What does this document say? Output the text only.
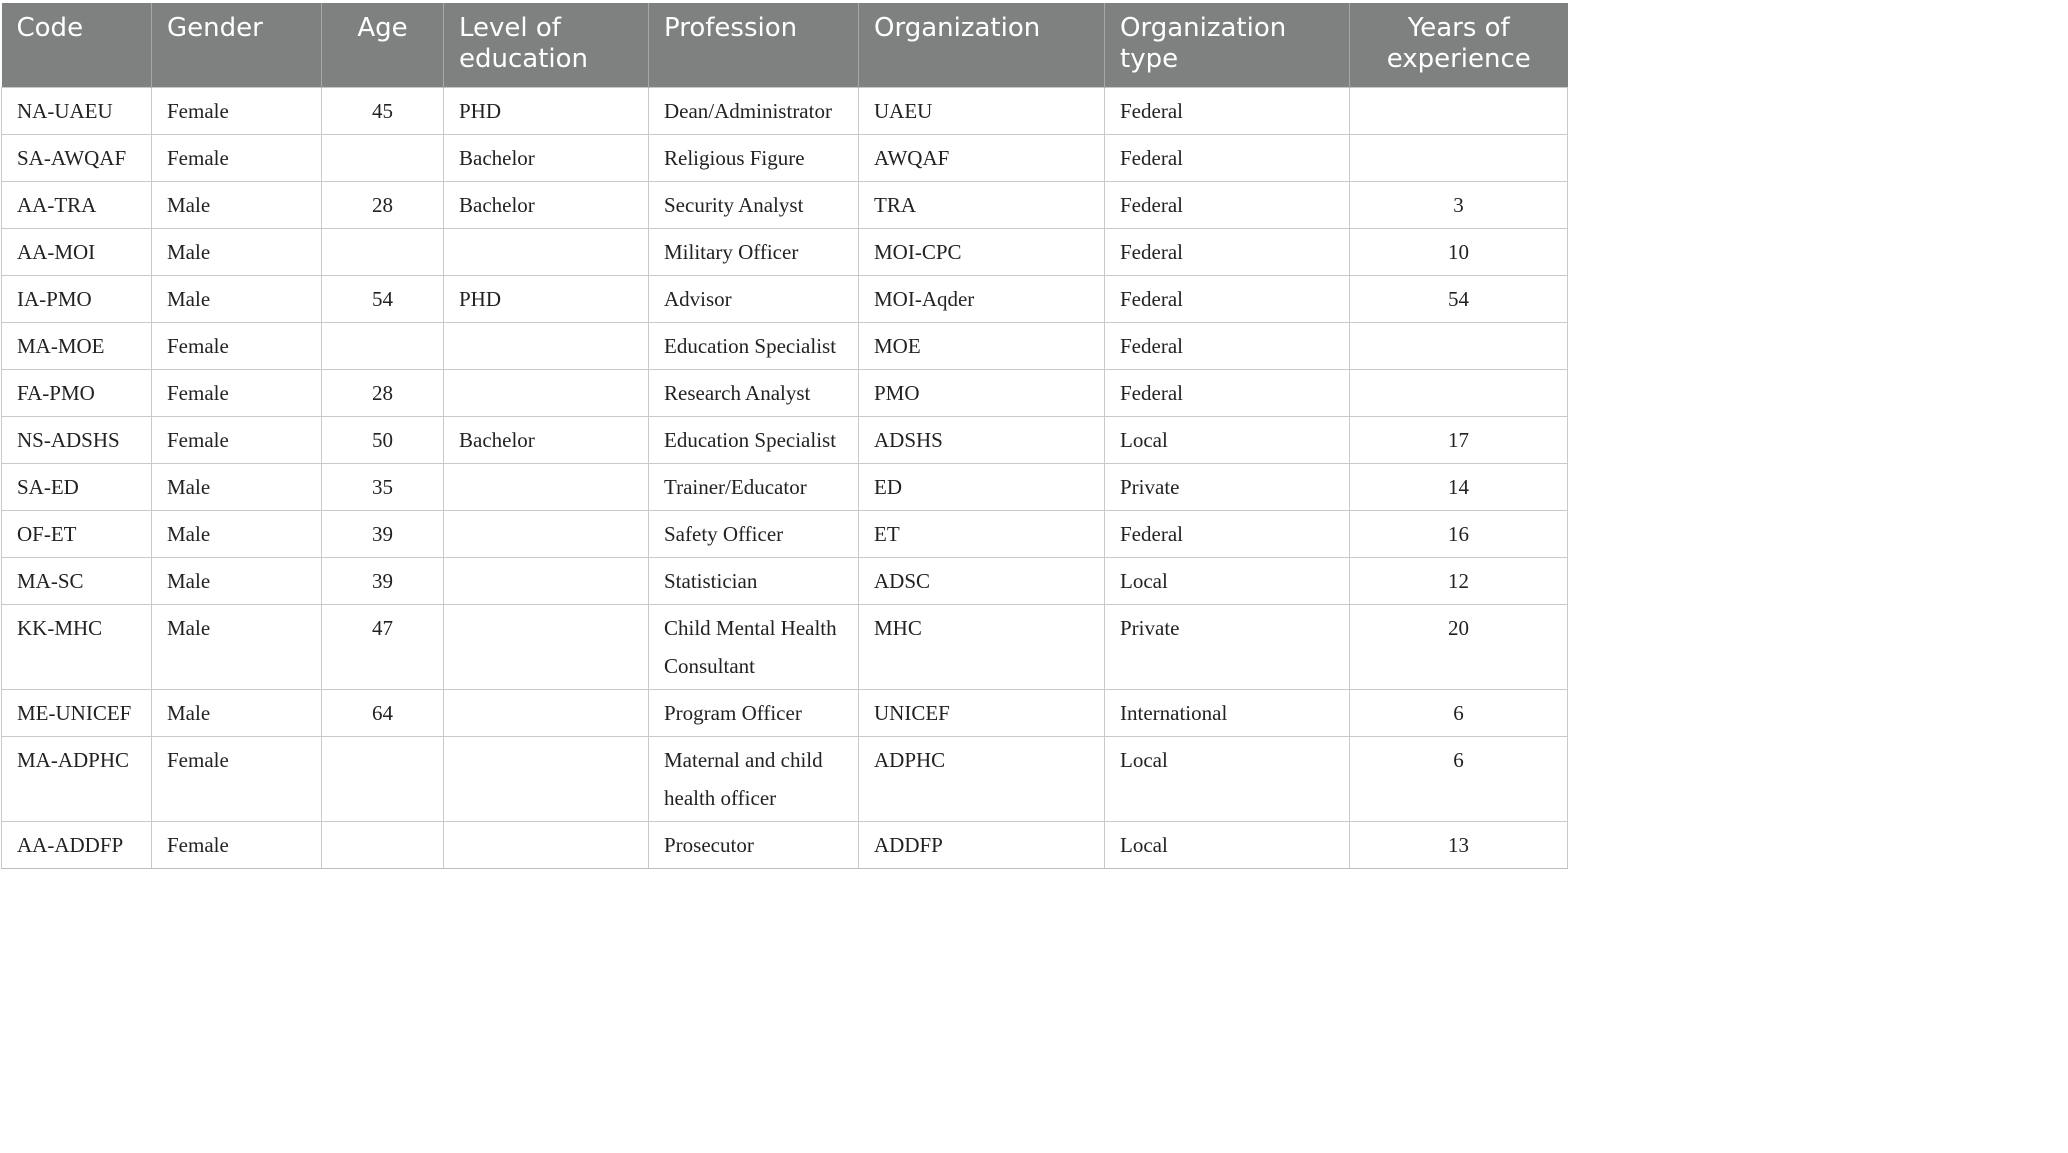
Code	Gender	Age	Level of education	Profession	Organization	Organization type	Years of experience
NA-UAEU	Female	45	PHD	Dean/Administrator	UAEU	Federal	
SA-AWQAF	Female		Bachelor	Religious Figure	AWQAF	Federal	
AA-TRA	Male	28	Bachelor	Security Analyst	TRA	Federal	3
AA-MOI	Male			Military Officer	MOI-CPC	Federal	10
IA-PMO	Male	54	PHD	Advisor	MOI-Aqder	Federal	54
MA-MOE	Female			Education Specialist	MOE	Federal	
FA-PMO	Female	28		Research Analyst	PMO	Federal	
NS-ADSHS	Female	50	Bachelor	Education Specialist	ADSHS	Local	17
SA-ED	Male	35		Trainer/Educator	ED	Private	14
OF-ET	Male	39		Safety Officer	ET	Federal	16
MA-SC	Male	39		Statistician	ADSC	Local	12
KK-MHC	Male	47		Child Mental Health Consultant	MHC	Private	20
ME-UNICEF	Male	64		Program Officer	UNICEF	International	6
MA-ADPHC	Female			Maternal and child health officer	ADPHC	Local	6
AA-ADDFP	Female			Prosecutor	ADDFP	Local	13
